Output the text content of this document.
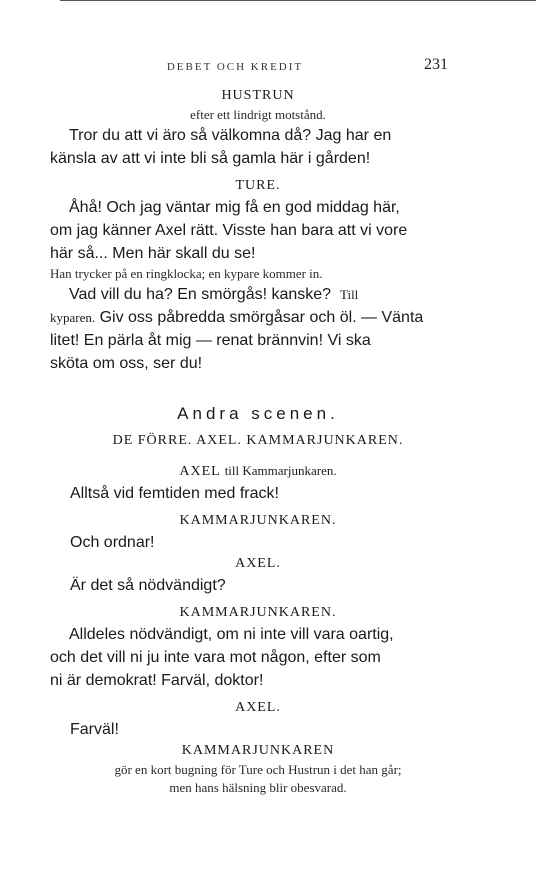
DEBET OCH KREDIT	231

HUSTRUN

efter ett lindrigt motstånd.

Tror du att vi äro så välkomna då? Jag har en

känsla av att vi inte bli så gamla här i gården!

TURE.

Åhå! Och jag väntar mig få en god middag här,

om jag känner Axel rätt. Visste han bara att vi vore

här så... Men här skall du se!

Han trycker på en ringklocka; en kypare kommer in.

Vad vill du ha? En smörgås! kanske? Till

kyparen. Giv oss påbredda smörgåsar och öl. — Vänta

litet! En pärla åt mig — renat brännvin! Vi ska

sköta om oss, ser du!

Andra scenen.

DE FÖRRE. AXEL. KAMMARJUNKAREN.

AXEL till Kammarjunkaren.

Alltså vid femtiden med frack!

KAMMARJUNKAREN.

Och ordnar!

AXEL.

Är det så nödvändigt?

KAMMARJUNKAREN.

Alldeles nödvändigt, om ni inte vill vara oartig,

och det vill ni ju inte vara mot någon, efter som

ni är demokrat! Farväl, doktor!

AXEL.

Farväl!

KAMMARJUNKAREN

gör en kort bugning för Ture och Hustrun i det han går;

men hans hälsning blir obesvarad.
